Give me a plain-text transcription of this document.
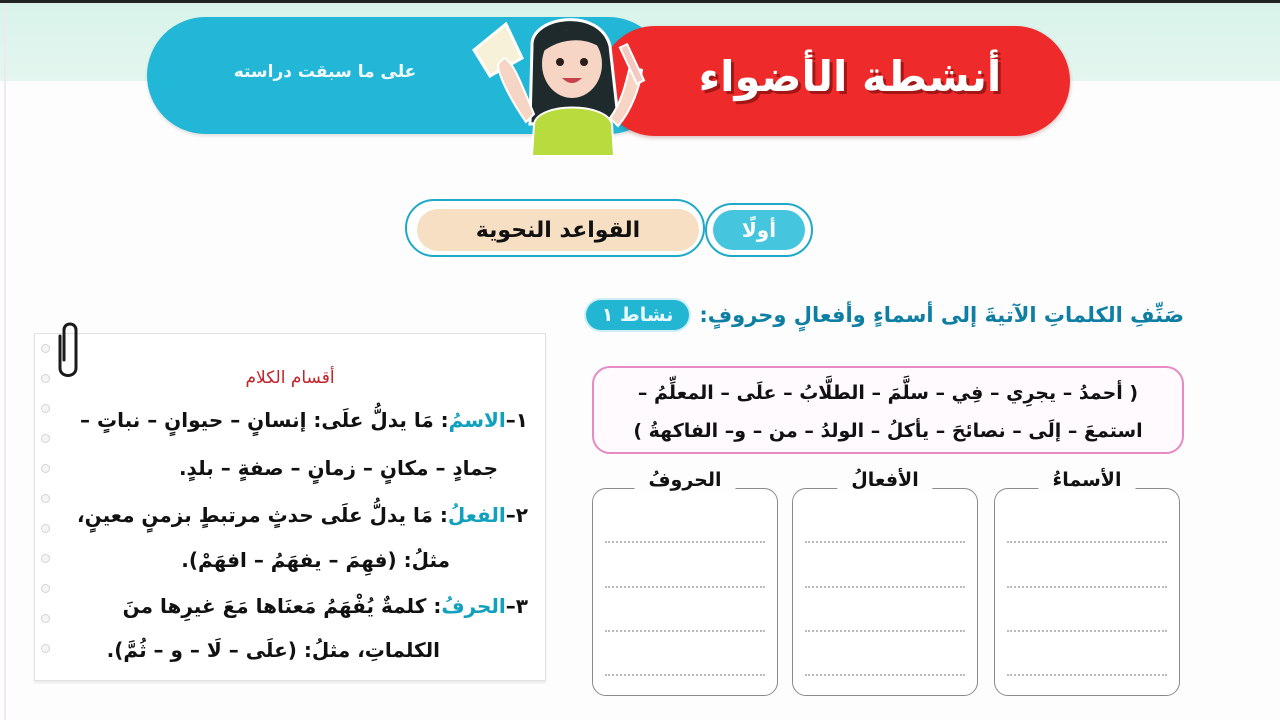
على ما سبقت دراسته	أنشطة الأضواء
القواعد النحوية	أولًا
نشاط ١	صَنِّفِ الكلماتِ الآتيةَ إلى أسماءٍ وأفعالٍ وحروفٍ:
( أحمدُ – يجرِي – فِي – سلَّمَ – الطلَّابُ – علَى – المعلِّمُ –
استمعَ – إلَى – نصائحَ – يأكلُ – الولدُ – من – و– الفاكهةُ )
الأسماءُ
الأفعالُ
الحروفُ
أقسام الكلام
١–الاسمُ: مَا يدلُّ علَى: إنسانٍ – حيوانٍ – نباتٍ –
جمادٍ – مكانٍ – زمانٍ – صفةٍ – بلدٍ.
٢–الفعلُ: مَا يدلُّ علَى حدثٍ مرتبطٍ بزمنٍ معينٍ،
مثلُ: (فهِمَ – يفهَمُ – افهَمْ).
٣–الحرفُ: كلمةٌ يُفْهَمُ مَعنَاها مَعَ غيرِها منَ
الكلماتِ، مثلُ: (علَى – لَا – و – ثُمَّ).
